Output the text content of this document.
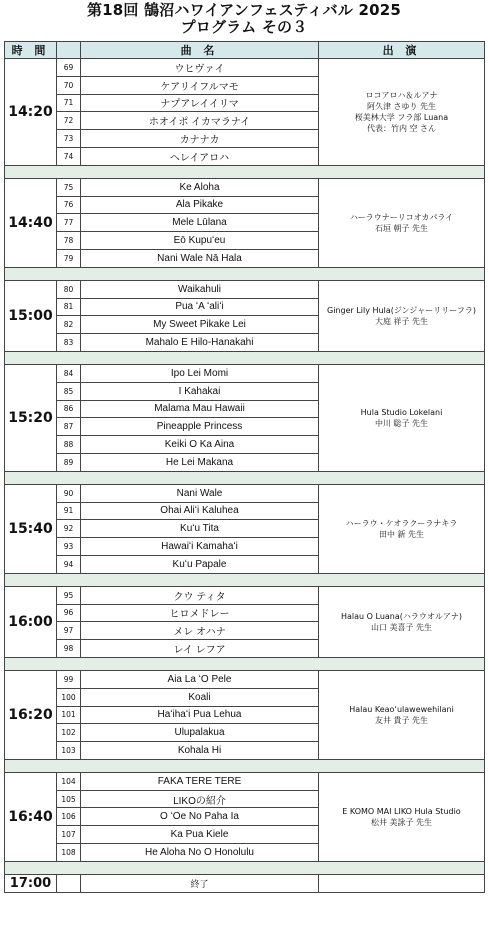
第18回 鵠沼ハワイアンフェスティバル 2025
プログラム その３
時 間		曲 名	出 演
14:20	69	ウヒヴァイ	ロコアロハ＆ルアナ
阿久津 さゆり 先生
桜美林大学 フラ部 Luana
代表：竹内 空 さん

	70	ケアリイフルマモ	
	71	ナプアレイイリマ	
	72	ホオイポ イカマラナイ	
	73	カナナカ	
	74	ヘレイアロハ	

14:40	75	Ke Aloha	ハーラウナーリコオカパライ
石垣 朝子 先生

	76	Ala Pikake	
	77	Mele Lūlana	
	78	Eō Kupuʻeu	
	79	Nani Wale Nā Hala	

15:00	80	Waikahuli	Ginger Lily Hula(ジンジャーリリーフラ)
大庭 祥子 先生

	81	Pua ʻA ʻaliʻi	
	82	My Sweet Pikake Lei	
	83	Mahalo E Hilo-Hanakahi	

15:20	84	Ipo Lei Momi	Hula Studio Lokelani
中川 聡子 先生

	85	I Kahakai	
	86	Malama Mau Hawaii	
	87	Pineapple Princess	
	88	Keiki O Ka Aina	
	89	He Lei Makana	

15:40	90	Nani Wale	ハーラウ・ケオラクーラナキラ
田中 新 先生

	91	Ohai Aliʻi Kaluhea	
	92	Kuʻu Tita	
	93	Hawaiʻi Kamahaʻi	
	94	Kuʻu Papale	

16:00	95	クウ ティタ	Halau O Luana(ハラウオルアナ)
山口 美喜子 先生

	96	ヒロメドレー	
	97	メレ オハナ	
	98	レイ レフア	

16:20	99	Aia La ʻO Pele	Halau Keaoʻulawewehilani
友井 貴子 先生

	100	Koali	
	101	Haʻihaʻi Pua Lehua	
	102	Ulupalakua	
	103	Kohala Hi	

16:40	104	FAKA TERE TERE	E KOMO MAI LIKO Hula Studio
松井 美詠子 先生

	105	LIKOの紹介	
	106	O ʻOe No Paha Ia	
	107	Ka Pua Kiele	
	108	He Aloha No O Honolulu	

17:00		終了	
